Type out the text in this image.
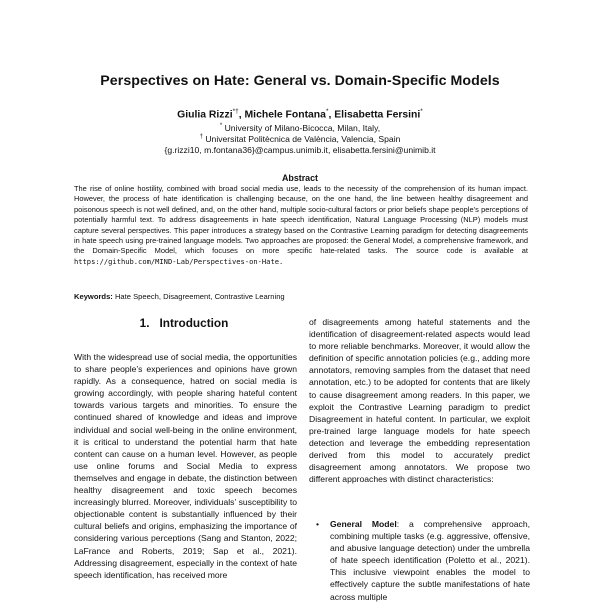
Perspectives on Hate: General vs. Domain-Specific Models
Giulia Rizzi*†, Michele Fontana*, Elisabetta Fersini*
* University of Milano-Bicocca, Milan, Italy,
† Universitat Politècnica de València, Valencia, Spain
{g.rizzi10, m.fontana36}@campus.unimib.it, elisabetta.fersini@unimib.it
Abstract
The rise of online hostility, combined with broad social media use, leads to the necessity of the comprehension of its human impact. However, the process of hate identification is challenging because, on the one hand, the line between healthy disagreement and poisonous speech is not well defined, and, on the other hand, multiple socio-cultural factors or prior beliefs shape people’s perceptions of potentially harmful text. To address disagreements in hate speech identification, Natural Language Processing (NLP) models must capture several perspectives. This paper introduces a strategy based on the Contrastive Learning paradigm for detecting disagreements in hate speech using pre-trained language models. Two approaches are proposed: the General Model, a comprehensive framework, and the Domain-Specific Model, which focuses on more specific hate-related tasks. The source code is available at https://github.com/MIND-Lab/Perspectives-on-Hate.
Keywords: Hate Speech, Disagreement, Contrastive Learning
1. Introduction
With the widespread use of social media, the opportunities to share people’s experiences and opinions have grown rapidly. As a consequence, hatred on social media is growing accordingly, with people sharing hateful content towards various targets and minorities. To ensure the continued shared of knowledge and ideas and improve individual and social well-being in the online environment, it is critical to understand the potential harm that hate content can cause on a human level. However, as people use online forums and Social Media to express themselves and engage in debate, the distinction between healthy disagreement and toxic speech becomes increasingly blurred. Moreover, individuals’ susceptibility to objectionable content is substantially influenced by their cultural beliefs and origins, emphasizing the importance of considering various perceptions (Sang and Stanton, 2022; LaFrance and Roberts, 2019; Sap et al., 2021). Addressing disagreement, especially in the context of hate speech identification, has received more
of disagreements among hateful statements and the identification of disagreement-related aspects would lead to more reliable benchmarks. Moreover, it would allow the definition of specific annotation policies (e.g., adding more annotators, removing samples from the dataset that need annotation, etc.) to be adopted for contents that are likely to cause disagreement among readers. In this paper, we exploit the Contrastive Learning paradigm to predict Disagreement in hateful content. In particular, we exploit pre-trained large language models for hate speech detection and leverage the embedding representation derived from this model to accurately predict disagreement among annotators. We propose two different approaches with distinct characteristics:
• General Model: a comprehensive approach, combining multiple tasks (e.g. aggressive, offensive, and abusive language detection) under the umbrella of hate speech identification (Poletto et al., 2021). This inclusive viewpoint enables the model to effectively capture the subtle manifestations of hate across multiple
